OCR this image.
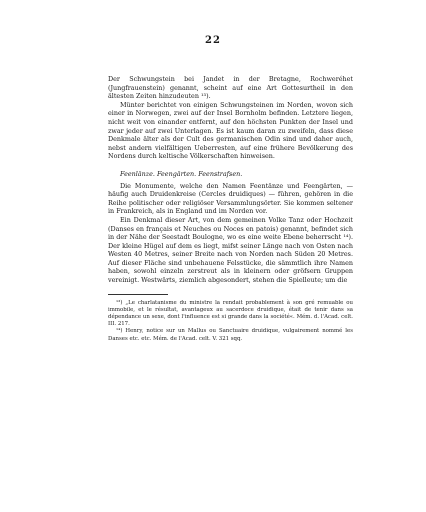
22

Der Schwungstein bei Jandet in der Bretagne, Rochweréhet (Jungfrauenstein) genannt, scheint auf eine Art Gottesurtheil in den ältesten Zeiten hinzudeuten ¹³).

Münter berichtet von einigen Schwungsteinen im Norden, wovon sich einer in Norwegen, zwei auf der Insel Bornholm befinden. Letztere liegen, nicht weit von einander entfernt, auf den höchsten Punkten der Insel und zwar jeder auf zwei Unterlagen. Es ist kaum daran zu zweifeln, dass diese Denkmale älter als der Cult des germanischen Odin sind und daher auch, nebst andern vielfältigen Ueberresten, auf eine frühere Bevölkerung des Nordens durch keltische Völkerschaften hinweisen.

Feenlänze. Feengärten. Feenstrafsen.

Die Monumente, welche den Namen Feentänze und Feengärten, — häufig auch Druidenkreise (Cercles druidiques) — führen, gehören in die Reihe politischer oder religiöser Versammlungsörter. Sie kommen seltener in Frankreich, als in England und im Norden vor.

Ein Denkmal dieser Art, von dem gemeinen Volke Tanz oder Hochzeit (Danses en français et Neuches ou Noces en patois) genannt, befindet sich in der Nähe der Seestadt Boulogne, wo es eine weite Ebene beherrscht ¹⁴). Der kleine Hügel auf dem es liegt, mifst seiner Länge nach von Osten nach Westen 40 Metres, seiner Breite nach von Norden nach Süden 20 Metres. Auf dieser Fläche sind unbehauene Felsstücke, die sämmtlich ihre Namen haben, sowohl einzeln zerstreut als in kleinern oder gröfsern Gruppen vereinigt. Westwärts, ziemlich abgesondert, stehen die Spielleute; um die

¹³) „Le charlatanisme du ministre la rendait probablement à son gré remuable ou immobile, et le résultat, avantageux au sacerdoce druidique, était de tenir dans sa dépendance un sexe, dont l'influence est si grande dans la société«. Mém. d. l'Acad. celt. III. 217.

¹⁴) Henry, notice sur un Mallus ou Sanctuaire druidique, vulgairement nommé les Danses etc. etc. Mém. de l'Acad. celt. V. 321 sqq.
